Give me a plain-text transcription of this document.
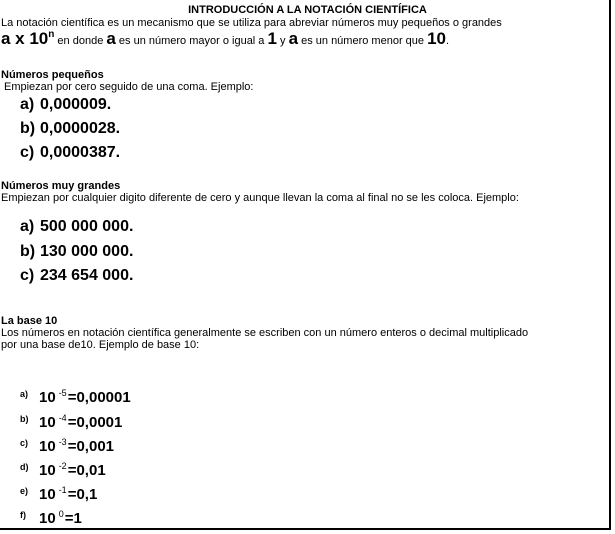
INTRODUCCIÓN A LA NOTACIÓN CIENTÍFICA
La notación científica es un mecanismo que se utiliza para abreviar números muy pequeños o grandes
a x 10$^n$ en donde a es un número mayor o igual a 1 y a es un número menor que 10.
Números pequeños
Empiezan por cero seguido de una coma. Ejemplo:
a) 0,000009.
b) 0,0000028.
c) 0,0000387.
Números muy grandes
Empiezan por cualquier digito diferente de cero y aunque llevan la coma al final no se les coloca. Ejemplo:
a) 500 000 000.
b) 130 000 000.
c) 234 654 000.
La base 10
Los números en notación científica generalmente se escriben con un número enteros o decimal multiplicado
por una base de10. Ejemplo de base 10:
a) 10 $^{-5}$=0,00001
b) 10 $^{-4}$=0,0001
c) 10 $^{-3}$=0,001
d) 10 $^{-2}$=0,01
e) 10 $^{-1}$=0,1
f) 10 $^0$=1
